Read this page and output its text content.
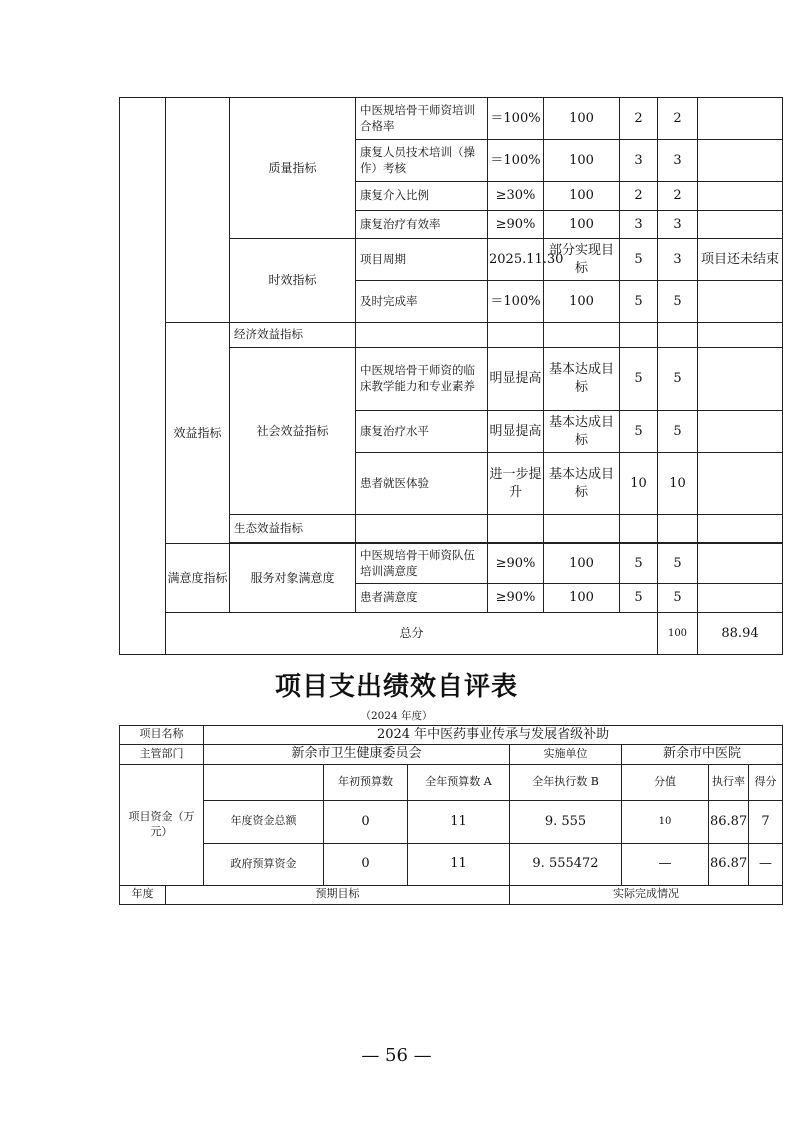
		质量指标	中医规培骨干师资培训合格率	＝100%	100	2	2		
			康复人员技术培训（操作）考核	＝100%	100	3	3		
			康复介入比例	≥30%	100	2	2		
			康复治疗有效率	≥90%	100	3	3		
		时效指标	项目周期	2025.11.30	部分实现目标	5	3	项目还未结束	
			及时完成率	＝100%	100	5	5		
	效益指标	经济效益指标							
		社会效益指标	中医规培骨干师资的临床教学能力和专业素养	明显提高	基本达成目标	5	5		
			康复治疗水平	明显提高	基本达成目标	5	5		
			患者就医体验	进一步提升	基本达成目标	10	10		
		生态效益指标							

	满意度指标	服务对象满意度	中医规培骨干师资队伍培训满意度	≥90%	100	5	5		
			患者满意度	≥90%	100	5	5		
	总分						100	88.94	
项目支出绩效自评表
（2024 年度）
项目名称		2024 年中医药事业传承与发展省级补助						
主管部门		新余市卫生健康委员会			实施单位	新余市中医院		
项目资金（万元）			年初预算数	全年预算数 A	全年执行数 B	分值	执行率	得分
		年度资金总额	0	11	9. 555	10	86.87	7
		政府预算资金	0	11	9. 555472	—	86.87	—
年度	预期目标				实际完成情况			
— 56 —
